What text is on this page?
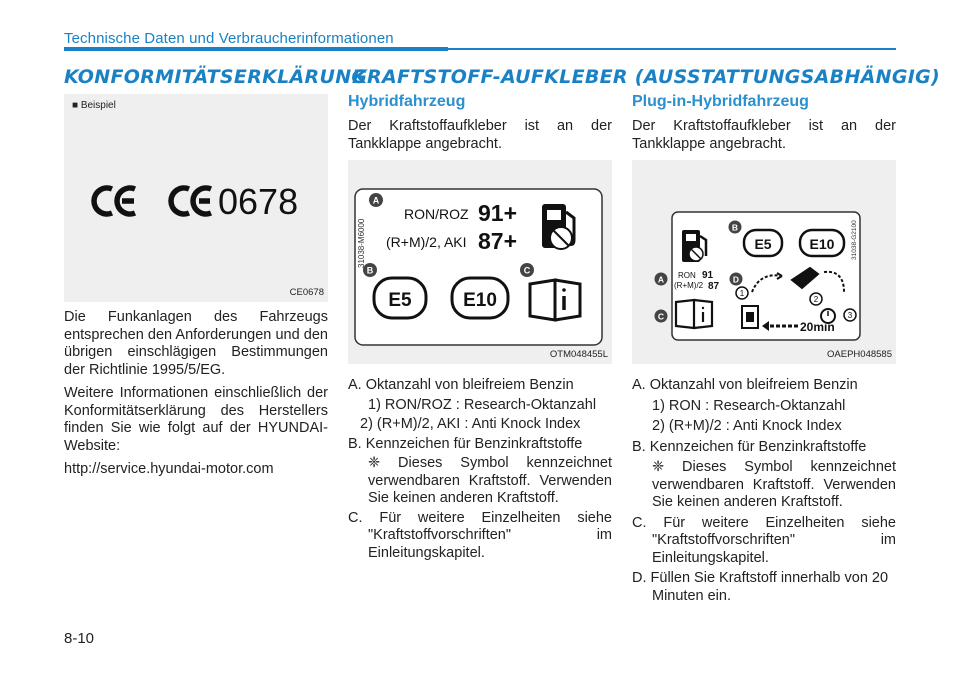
Technische Daten und Verbraucherinformationen
KONFORMITÄTSERKLÄRUNG
KRAFTSTOFF-AUFKLEBER (AUSSTATTUNGSABHÄNGIG)
■ Beispiel
0678
CE0678

Die Funkanlagen des Fahrzeugs entsprechen den Anforderungen und den übrigen einschlägigen Bestimmungen der Richtlinie 1995/5/EG.

Weitere Informationen einschließlich der Konformitätserklärung des Herstellers finden Sie wie folgt auf der HYUNDAI-Website:

http://service.hyundai-motor.com

Hybridfahrzeug
Der Kraftstoffaufkleber ist an der Tankklappe angebracht.
31038-M6000
A
RON/ROZ 91+
(R+M)/2, AKI 87+
B	C
E5	E10
OTM048455L

A. Oktanzahl von bleifreiem Benzin

1) RON/ROZ : Research-Oktanzahl

2) (R+M)/2, AKI : Anti Knock Index

B. Kennzeichen für Benzinkraftstoffe

❈ Dieses Symbol kennzeichnet verwendbaren Kraftstoff. Verwenden Sie keinen anderen Kraftstoff.

C. Für weitere Einzelheiten siehe "Kraftstoffvorschriften" im Einleitungskapitel.

Plug-in-Hybridfahrzeug
Der Kraftstoffaufkleber ist an der Tankklappe angebracht.
B
E5	E10	31038-G2100
A RON 91
(R+M)/2 87
D
1
2
3
C
20min
OAEPH048585

A. Oktanzahl von bleifreiem Benzin

1) RON : Research-Oktanzahl

2) (R+M)/2 : Anti Knock Index

B. Kennzeichen für Benzinkraftstoffe

❈ Dieses Symbol kennzeichnet verwendbaren Kraftstoff. Verwenden Sie keinen anderen Kraftstoff.

C. Für weitere Einzelheiten siehe "Kraftstoffvorschriften" im Einleitungskapitel.

D. Füllen Sie Kraftstoff innerhalb von 20 Minuten ein.

8-10
